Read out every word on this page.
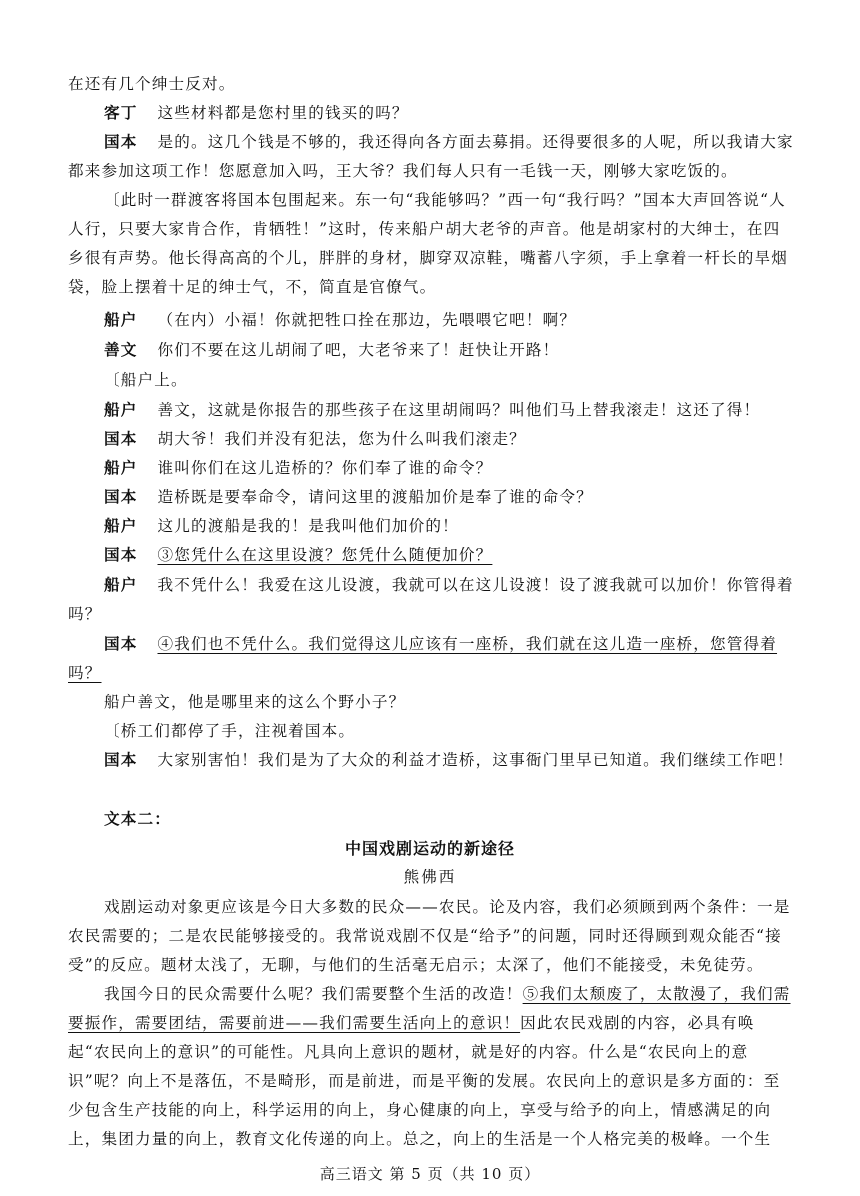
在还有几个绅士反对。

客丁 这些材料都是您村里的钱买的吗？

国本 是的。这几个钱是不够的，我还得向各方面去募捐。还得要很多的人呢，所以我请大家都来参加这项工作！您愿意加入吗，王大爷？我们每人只有一毛钱一天，刚够大家吃饭的。

〔此时一群渡客将国本包围起来。东一句“我能够吗？”西一句“我行吗？”国本大声回答说“人人行，只要大家肯合作，肯牺牲！”这时，传来船户胡大老爷的声音。他是胡家村的大绅士，在四乡很有声势。他长得高高的个儿，胖胖的身材，脚穿双凉鞋，嘴蓄八字须，手上拿着一杆长的旱烟袋，脸上摆着十足的绅士气，不，简直是官僚气。

船户 （在内）小福！你就把牲口拴在那边，先喂喂它吧！啊？

善文 你们不要在这儿胡闹了吧，大老爷来了！赶快让开路！

〔船户上。

船户 善文，这就是你报告的那些孩子在这里胡闹吗？叫他们马上替我滚走！这还了得！

国本 胡大爷！我们并没有犯法，您为什么叫我们滚走？

船户 谁叫你们在这儿造桥的？你们奉了谁的命令？

国本 造桥既是要奉命令，请问这里的渡船加价是奉了谁的命令？

船户 这儿的渡船是我的！是我叫他们加价的！

国本 ③您凭什么在这里设渡？您凭什么随便加价？

船户 我不凭什么！我爱在这儿设渡，我就可以在这儿设渡！设了渡我就可以加价！你管得着吗？

国本 ④我们也不凭什么。我们觉得这儿应该有一座桥，我们就在这儿造一座桥，您管得着吗？

船户善文，他是哪里来的这么个野小子？

〔桥工们都停了手，注视着国本。

国本 大家别害怕！我们是为了大众的利益才造桥，这事衙门里早已知道。我们继续工作吧！

文本二：

中国戏剧运动的新途径

熊佛西

戏剧运动对象更应该是今日大多数的民众——农民。论及内容，我们必须顾到两个条件：一是农民需要的；二是农民能够接受的。我常说戏剧不仅是“给予”的问题，同时还得顾到观众能否“接受”的反应。题材太浅了，无聊，与他们的生活毫无启示；太深了，他们不能接受，未免徒劳。

我国今日的民众需要什么呢？我们需要整个生活的改造！⑤我们太颓废了，太散漫了，我们需要振作，需要团结，需要前进——我们需要生活向上的意识！因此农民戏剧的内容，必具有唤起“农民向上的意识”的可能性。凡具向上意识的题材，就是好的内容。什么是“农民向上的意识”呢？向上不是落伍，不是畸形，而是前进，而是平衡的发展。农民向上的意识是多方面的：至少包含生产技能的向上，科学运用的向上，身心健康的向上，享受与给予的向上，情感满足的向上，集团力量的向上，教育文化传递的向上。总之，向上的生活是一个人格完美的极峰。一个生

高三语文 第 5 页（共 10 页）
